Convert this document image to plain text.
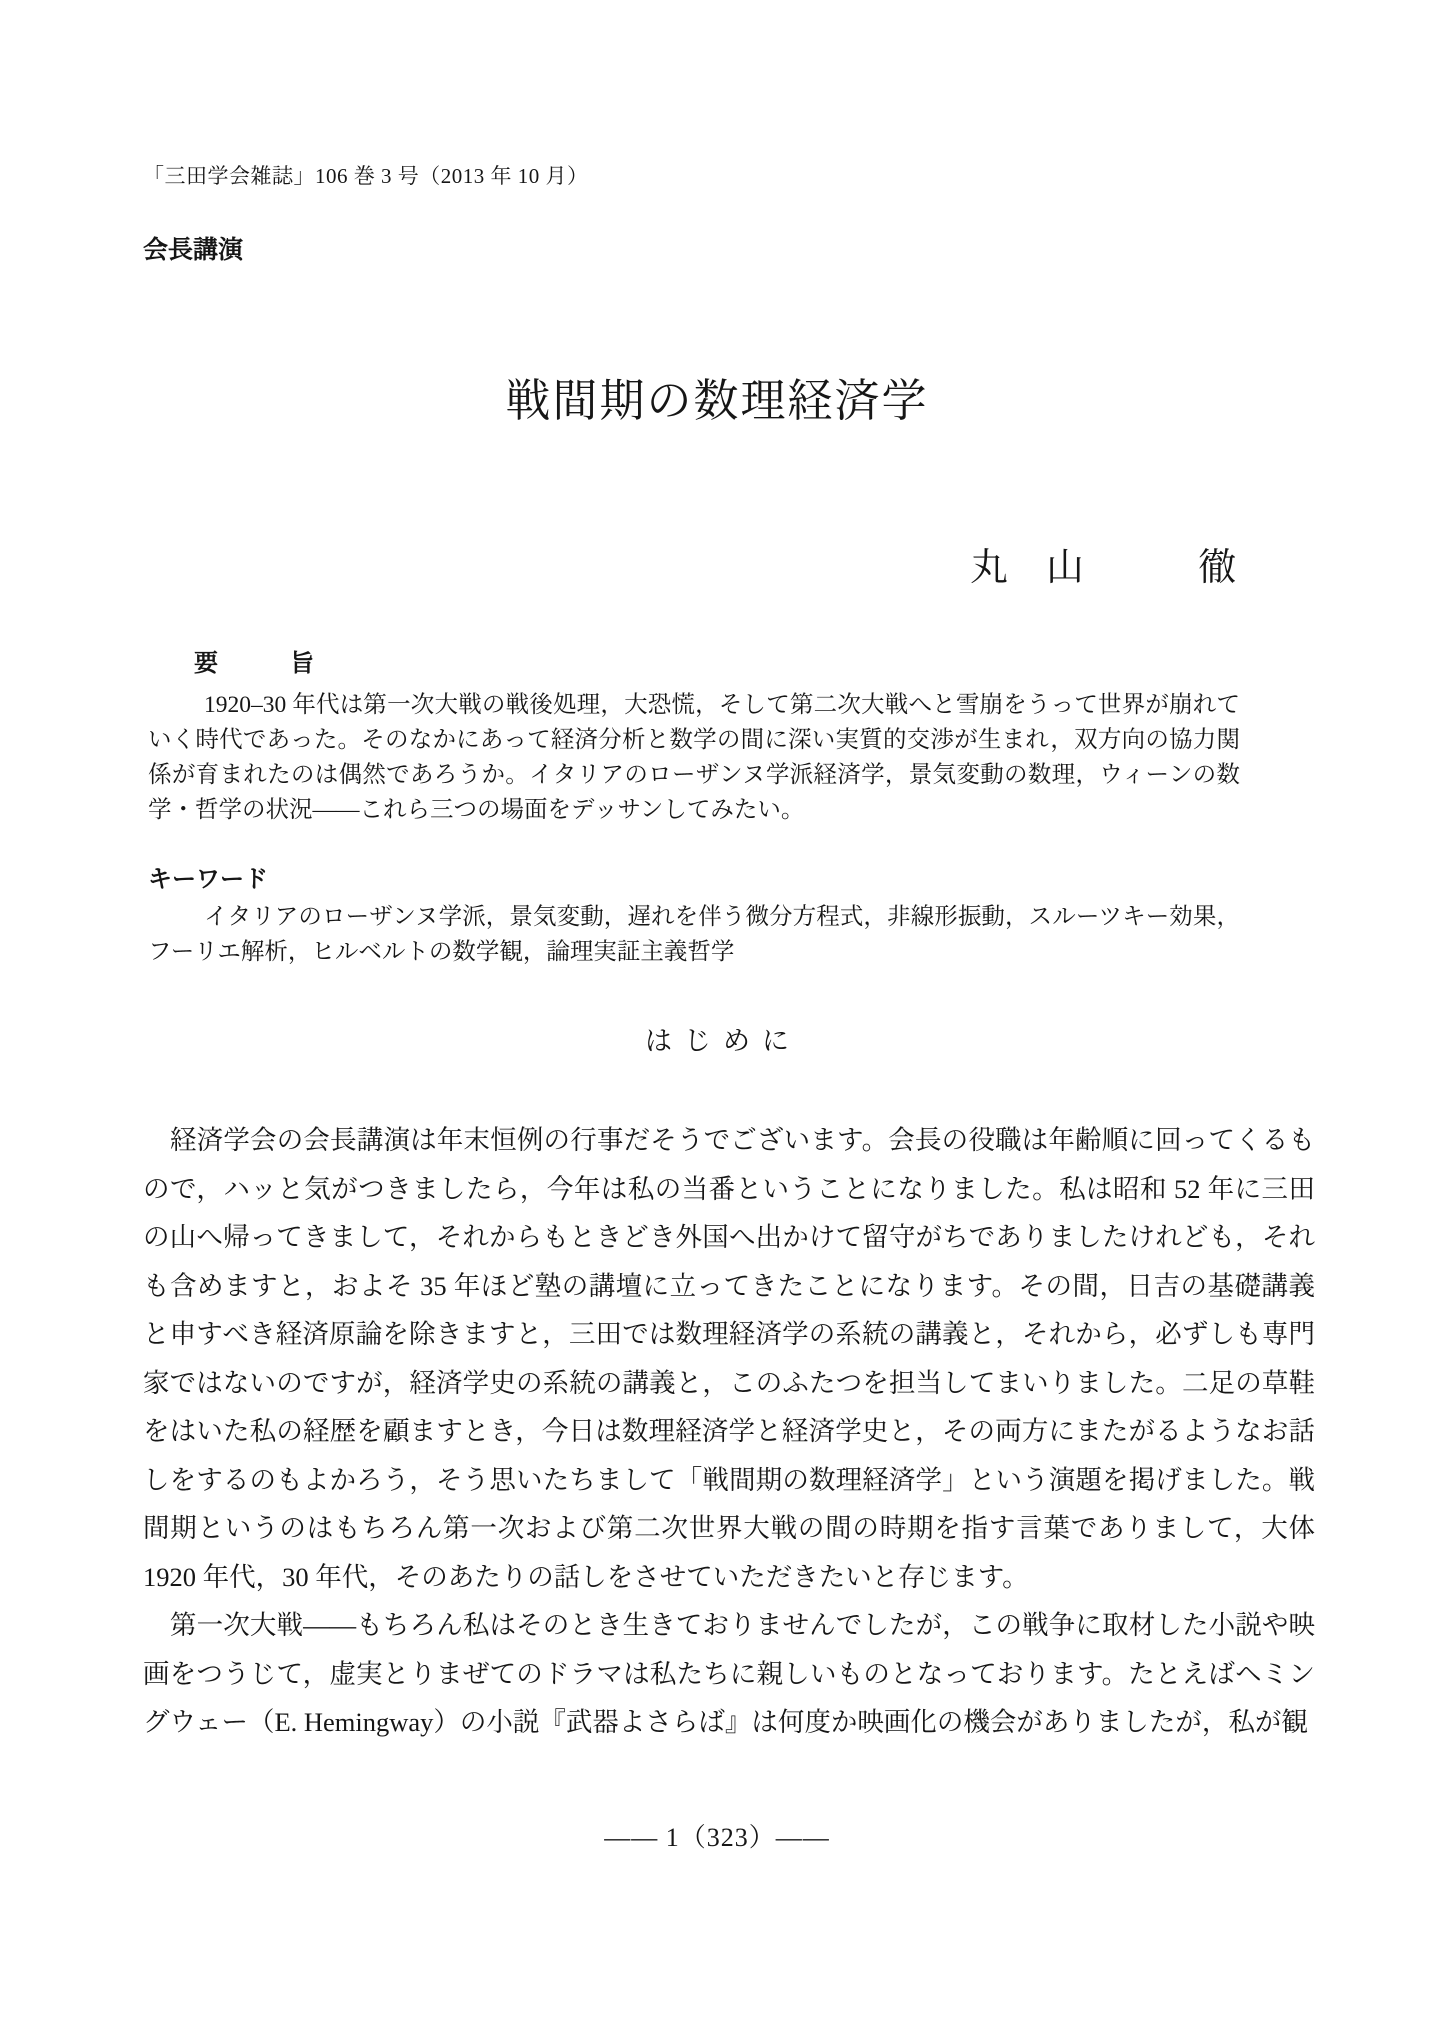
「三田学会雑誌」106 巻 3 号（2013 年 10 月）
会長講演
戦間期の数理経済学
丸　山　　　徹
要　　　旨

1920–30 年代は第一次大戦の戦後処理，大恐慌，そして第二次大戦へと雪崩をうって世界が崩れていく時代であった。そのなかにあって経済分析と数学の間に深い実質的交渉が生まれ，双方向の協力関係が育まれたのは偶然であろうか。イタリアのローザンヌ学派経済学，景気変動の数理，ウィーンの数学・哲学の状況——これら三つの場面をデッサンしてみたい。

キーワード

イタリアのローザンヌ学派，景気変動，遅れを伴う微分方程式，非線形振動，スルーツキー効果，フーリエ解析，ヒルベルトの数学観，論理実証主義哲学

はじめに

経済学会の会長講演は年末恒例の行事だそうでございます。会長の役職は年齢順に回ってくるもので，ハッと気がつきましたら，今年は私の当番ということになりました。私は昭和 52 年に三田の山へ帰ってきまして，それからもときどき外国へ出かけて留守がちでありましたけれども，それも含めますと，およそ 35 年ほど塾の講壇に立ってきたことになります。その間，日吉の基礎講義と申すべき経済原論を除きますと，三田では数理経済学の系統の講義と，それから，必ずしも専門家ではないのですが，経済学史の系統の講義と，このふたつを担当してまいりました。二足の草鞋をはいた私の経歴を顧ますとき，今日は数理経済学と経済学史と，その両方にまたがるようなお話しをするのもよかろう，そう思いたちまして「戦間期の数理経済学」という演題を掲げました。戦間期というのはもちろん第一次および第二次世界大戦の間の時期を指す言葉でありまして，大体 1920 年代，30 年代，そのあたりの話しをさせていただきたいと存じます。

第一次大戦——もちろん私はそのとき生きておりませんでしたが，この戦争に取材した小説や映画をつうじて，虚実とりまぜてのドラマは私たちに親しいものとなっております。たとえばヘミングウェー（E. Hemingway）の小説『武器よさらば』は何度か映画化の機会がありましたが，私が観

—— 1（323）——
